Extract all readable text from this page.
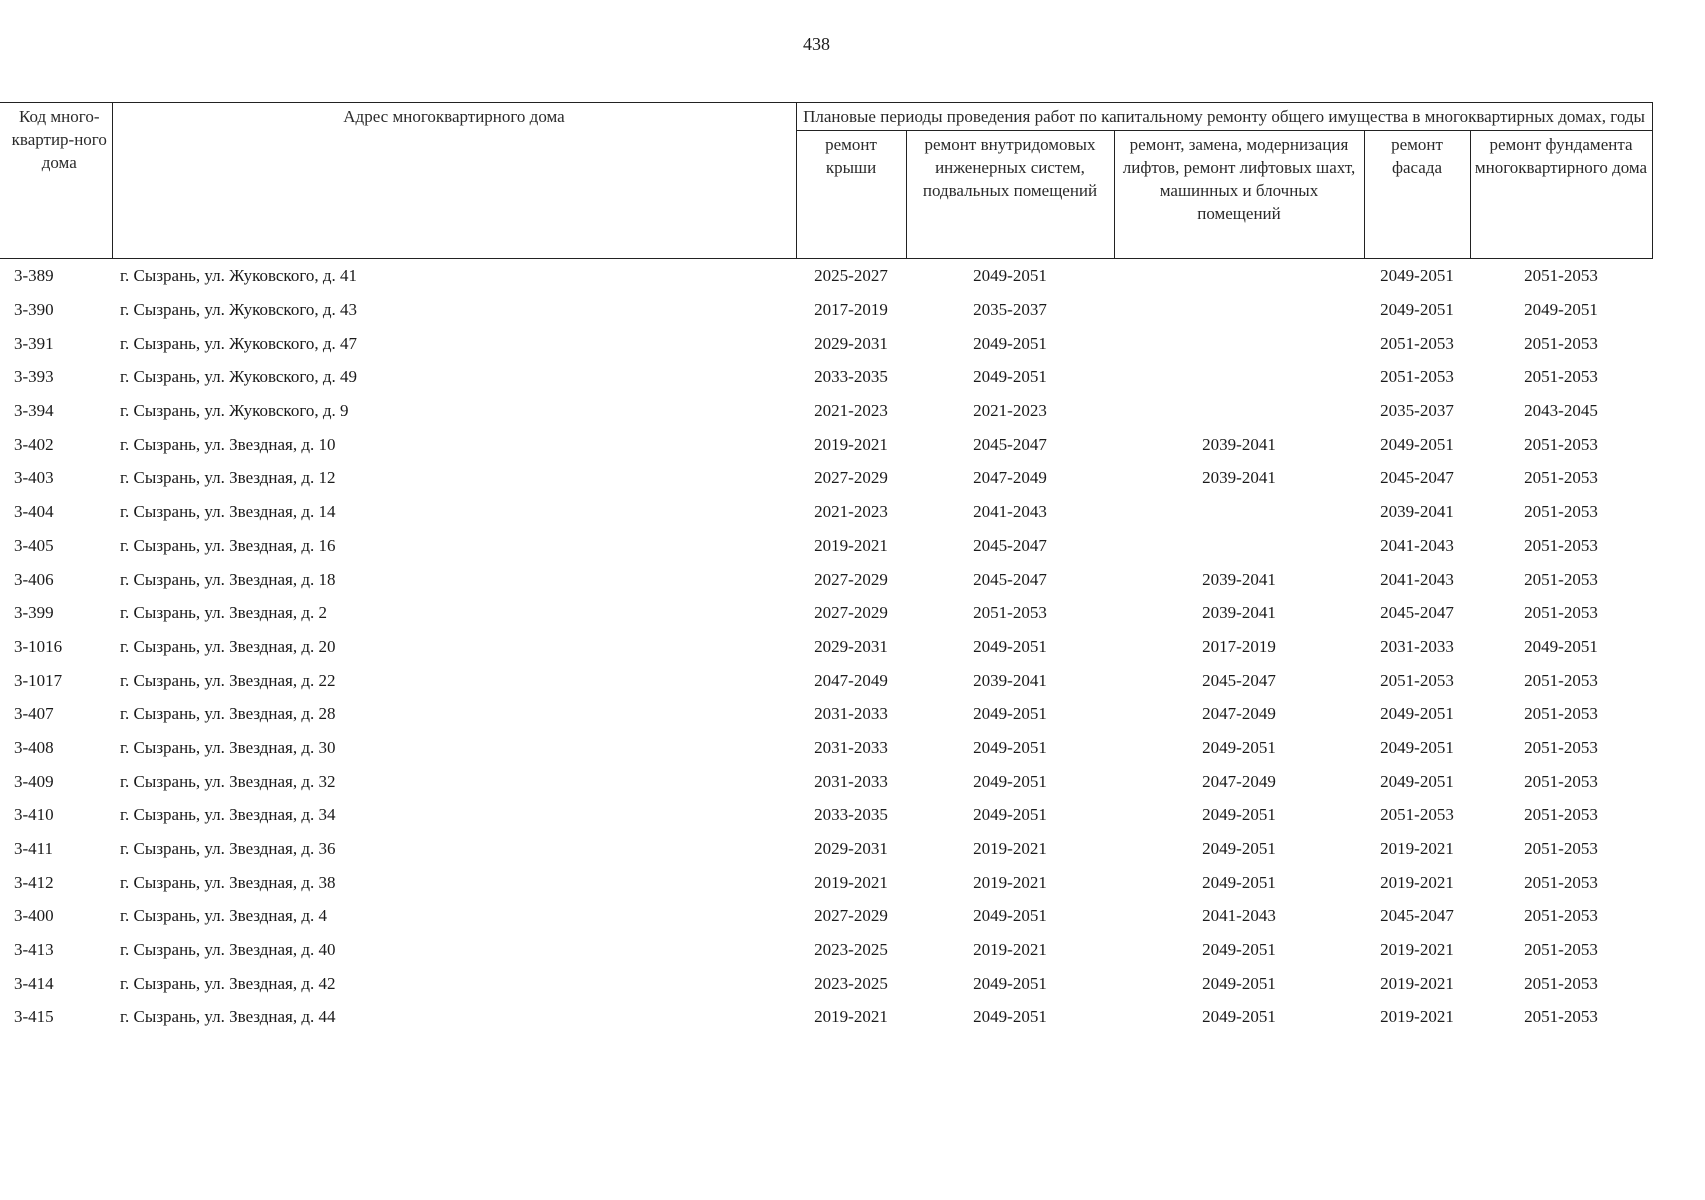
438
Код много-квартир-ного дома	Адрес многоквартирного дома	Плановые периоды проведения работ по капитальному ремонту общего имущества в многоквартирных домах, годы				
		ремонт крыши	ремонт внутридомовых инженерных систем, подвальных помещений	ремонт, замена, модернизация лифтов, ремонт лифтовых шахт, машинных и блочных помещений	ремонт фасада	ремонт фундамента многоквартирного дома
3-389	г. Сызрань, ул. Жуковского, д. 41	2025-2027	2049-2051		2049-2051	2051-2053
3-390	г. Сызрань, ул. Жуковского, д. 43	2017-2019	2035-2037		2049-2051	2049-2051
3-391	г. Сызрань, ул. Жуковского, д. 47	2029-2031	2049-2051		2051-2053	2051-2053
3-393	г. Сызрань, ул. Жуковского, д. 49	2033-2035	2049-2051		2051-2053	2051-2053
3-394	г. Сызрань, ул. Жуковского, д. 9	2021-2023	2021-2023		2035-2037	2043-2045
3-402	г. Сызрань, ул. Звездная, д. 10	2019-2021	2045-2047	2039-2041	2049-2051	2051-2053
3-403	г. Сызрань, ул. Звездная, д. 12	2027-2029	2047-2049	2039-2041	2045-2047	2051-2053
3-404	г. Сызрань, ул. Звездная, д. 14	2021-2023	2041-2043		2039-2041	2051-2053
3-405	г. Сызрань, ул. Звездная, д. 16	2019-2021	2045-2047		2041-2043	2051-2053
3-406	г. Сызрань, ул. Звездная, д. 18	2027-2029	2045-2047	2039-2041	2041-2043	2051-2053
3-399	г. Сызрань, ул. Звездная, д. 2	2027-2029	2051-2053	2039-2041	2045-2047	2051-2053
3-1016	г. Сызрань, ул. Звездная, д. 20	2029-2031	2049-2051	2017-2019	2031-2033	2049-2051
3-1017	г. Сызрань, ул. Звездная, д. 22	2047-2049	2039-2041	2045-2047	2051-2053	2051-2053
3-407	г. Сызрань, ул. Звездная, д. 28	2031-2033	2049-2051	2047-2049	2049-2051	2051-2053
3-408	г. Сызрань, ул. Звездная, д. 30	2031-2033	2049-2051	2049-2051	2049-2051	2051-2053
3-409	г. Сызрань, ул. Звездная, д. 32	2031-2033	2049-2051	2047-2049	2049-2051	2051-2053
3-410	г. Сызрань, ул. Звездная, д. 34	2033-2035	2049-2051	2049-2051	2051-2053	2051-2053
3-411	г. Сызрань, ул. Звездная, д. 36	2029-2031	2019-2021	2049-2051	2019-2021	2051-2053
3-412	г. Сызрань, ул. Звездная, д. 38	2019-2021	2019-2021	2049-2051	2019-2021	2051-2053
3-400	г. Сызрань, ул. Звездная, д. 4	2027-2029	2049-2051	2041-2043	2045-2047	2051-2053
3-413	г. Сызрань, ул. Звездная, д. 40	2023-2025	2019-2021	2049-2051	2019-2021	2051-2053
3-414	г. Сызрань, ул. Звездная, д. 42	2023-2025	2049-2051	2049-2051	2019-2021	2051-2053
3-415	г. Сызрань, ул. Звездная, д. 44	2019-2021	2049-2051	2049-2051	2019-2021	2051-2053
